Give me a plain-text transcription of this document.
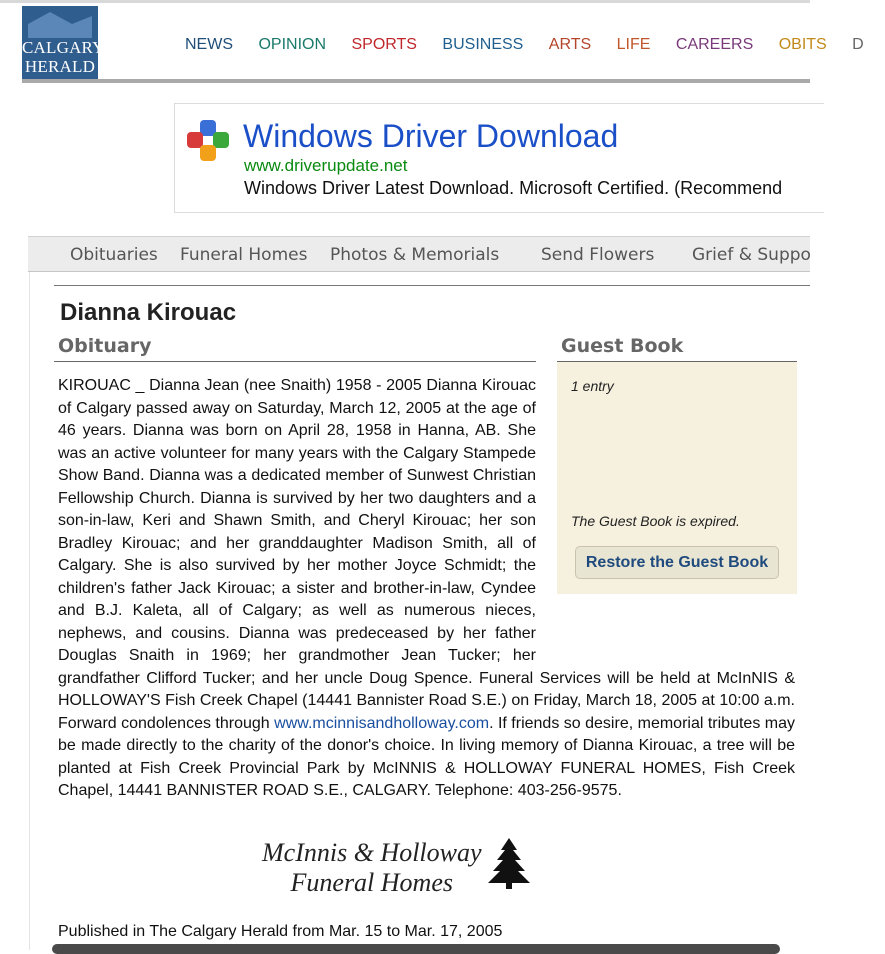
CALGARY
HERALD
NEWS OPINION SPORTS BUSINESS ARTS LIFE CAREERS OBITS D
Windows Driver Download
www.driverupdate.net
Windows Driver Latest Download. Microsoft Certified. (Recommend
Obituaries Funeral Homes Photos & Memorials Send Flowers Grief & Suppo
Dianna Kirouac
Obituary	Guest Book
1 entry
The Guest Book is expired.
Restore the Guest Book
KIROUAC _ Dianna Jean (nee Snaith) 1958 - 2005 Dianna Kirouac of Calgary passed away on Saturday, March 12, 2005 at the age of 46 years. Dianna was born on April 28, 1958 in Hanna, AB. She was an active volunteer for many years with the Calgary Stampede Show Band. Dianna was a dedicated member of Sunwest Christian Fellowship Church. Dianna is survived by her two daughters and a son-in-law, Keri and Shawn Smith, and Cheryl Kirouac; her son Bradley Kirouac; and her granddaughter Madison Smith, all of Calgary. She is also survived by her mother Joyce Schmidt; the children's father Jack Kirouac; a sister and brother-in-law, Cyndee and B.J. Kaleta, all of Calgary; as well as numerous nieces, nephews, and cousins. Dianna was predeceased by her father Douglas Snaith in 1969; her grandmother Jean Tucker; her grandfather Clifford Tucker; and her uncle Doug Spence. Funeral Services will be held at McInNIS & HOLLOWAY'S Fish Creek Chapel (14441 Bannister Road S.E.) on Friday, March 18, 2005 at 10:00 a.m. Forward condolences through www.mcinnisandholloway.com. If friends so desire, memorial tributes may be made directly to the charity of the donor's choice. In living memory of Dianna Kirouac, a tree will be planted at Fish Creek Provincial Park by McINNIS & HOLLOWAY FUNERAL HOMES, Fish Creek Chapel, 14441 BANNISTER ROAD S.E., CALGARY. Telephone: 403-256-9575.
McInnis & Holloway

Funeral Homes
Published in The Calgary Herald from Mar. 15 to Mar. 17, 2005
